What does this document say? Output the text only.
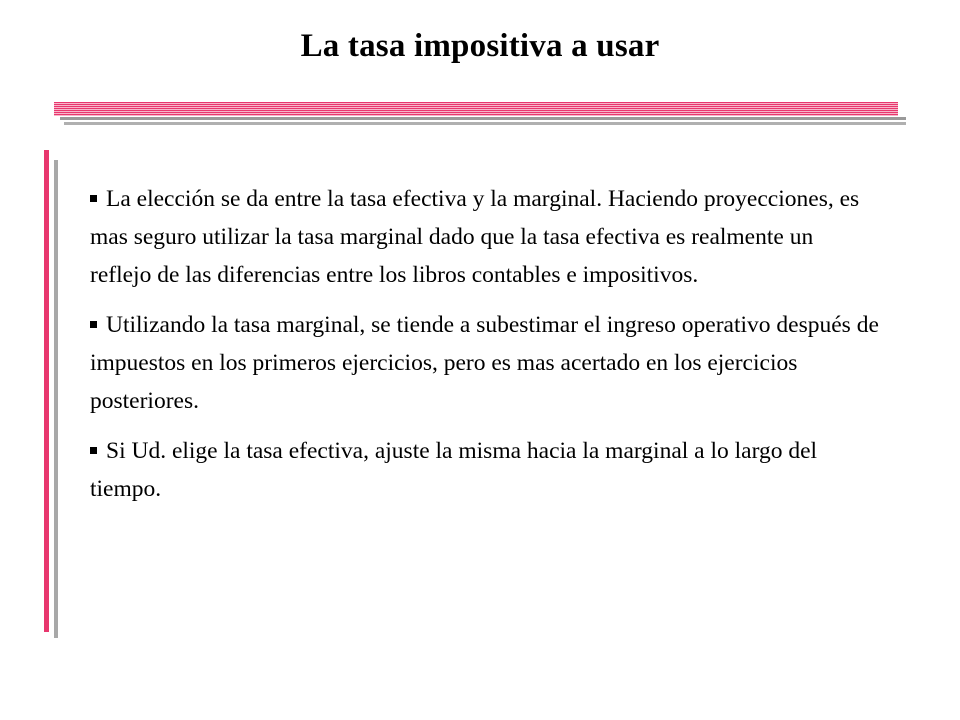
La tasa impositiva a usar

La elección se da entre la tasa efectiva y la marginal. Haciendo proyecciones, es mas seguro utilizar la tasa marginal dado que la tasa efectiva es realmente un reflejo de las diferencias entre los libros contables e impositivos.

Utilizando la tasa marginal, se tiende a subestimar el ingreso operativo después de impuestos en los primeros ejercicios, pero es mas acertado en los ejercicios posteriores.

Si Ud. elige la tasa efectiva, ajuste la misma hacia la marginal a lo largo del tiempo.
